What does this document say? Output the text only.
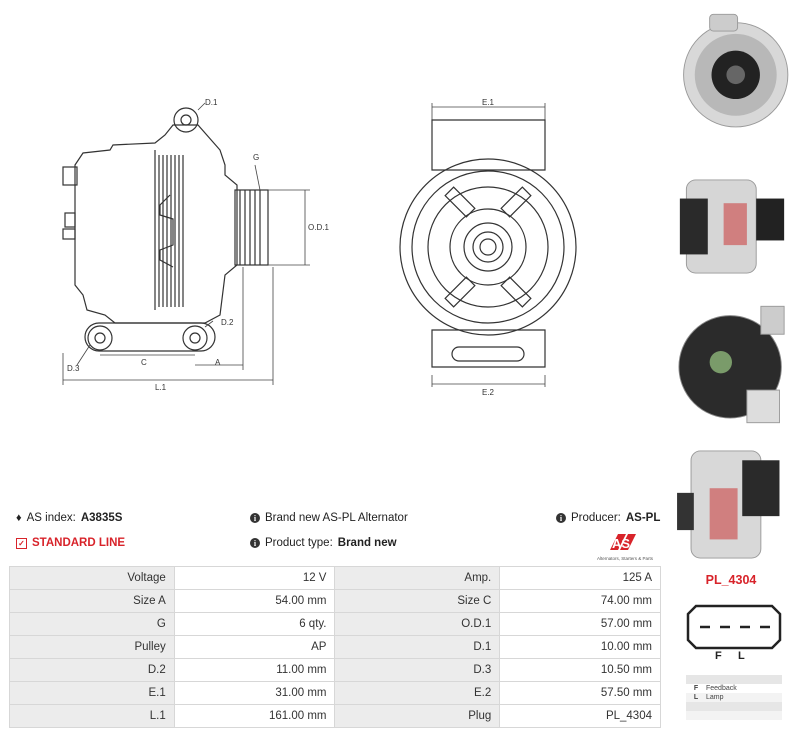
D.1
G
O.D.1
D.2
D.3
C	A
L.1
E.1
E.2
♦ AS index: A3835S	i Brand new AS-PL Alternator	i Producer: AS-PL
✓ STANDARD LINE	i Product type: Brand new	AS
Alternators, Starters & Parts
Voltage	12 V	Amp.	125 A
Size A	54.00 mm	Size C	74.00 mm
G	6 qty.	O.D.1	57.00 mm
Pulley	AP	D.1	10.00 mm
D.2	11.00 mm	D.3	10.50 mm
E.1	31.00 mm	E.2	57.50 mm
L.1	161.00 mm	Plug	PL_4304
PL_4304
F L
F	Feedback
L	Lamp
